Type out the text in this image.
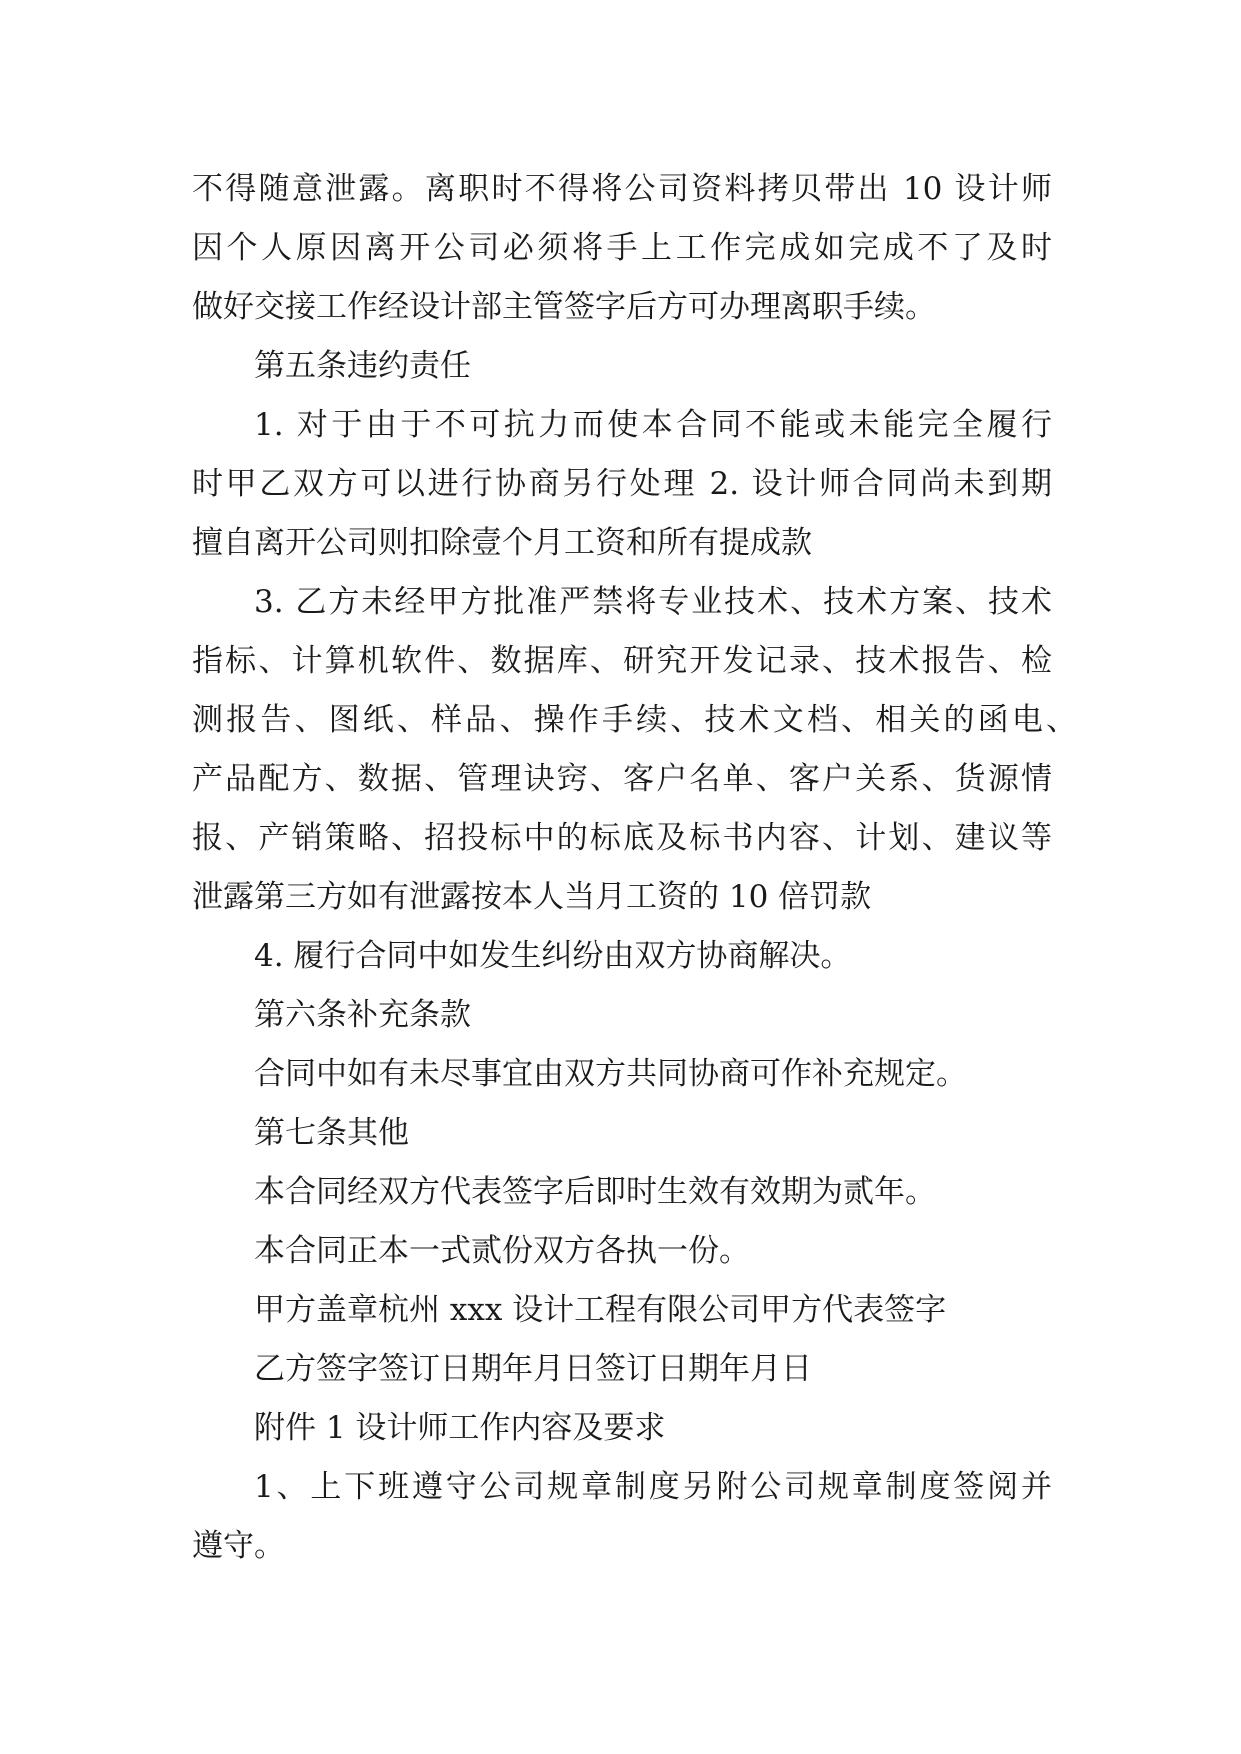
不得随意泄露。离职时不得将公司资料拷贝带出 10 设计师
因个人原因离开公司必须将手上工作完成如完成不了及时
做好交接工作经设计部主管签字后方可办理离职手续。
第五条违约责任
1. 对于由于不可抗力而使本合同不能或未能完全履行
时甲乙双方可以进行协商另行处理 2. 设计师合同尚未到期
擅自离开公司则扣除壹个月工资和所有提成款
3. 乙方未经甲方批准严禁将专业技术、技术方案、技术
指标、计算机软件、数据库、研究开发记录、技术报告、检
测报告、图纸、样品、操作手续、技术文档、相关的函电、
产品配方、数据、管理诀窍、客户名单、客户关系、货源情
报、产销策略、招投标中的标底及标书内容、计划、建议等
泄露第三方如有泄露按本人当月工资的 10 倍罚款
4. 履行合同中如发生纠纷由双方协商解决。
第六条补充条款
合同中如有未尽事宜由双方共同协商可作补充规定。
第七条其他
本合同经双方代表签字后即时生效有效期为贰年。
本合同正本一式贰份双方各执一份。
甲方盖章杭州 xxx 设计工程有限公司甲方代表签字
乙方签字签订日期年月日签订日期年月日
附件 1 设计师工作内容及要求
1、上下班遵守公司规章制度另附公司规章制度签阅并
遵守。
